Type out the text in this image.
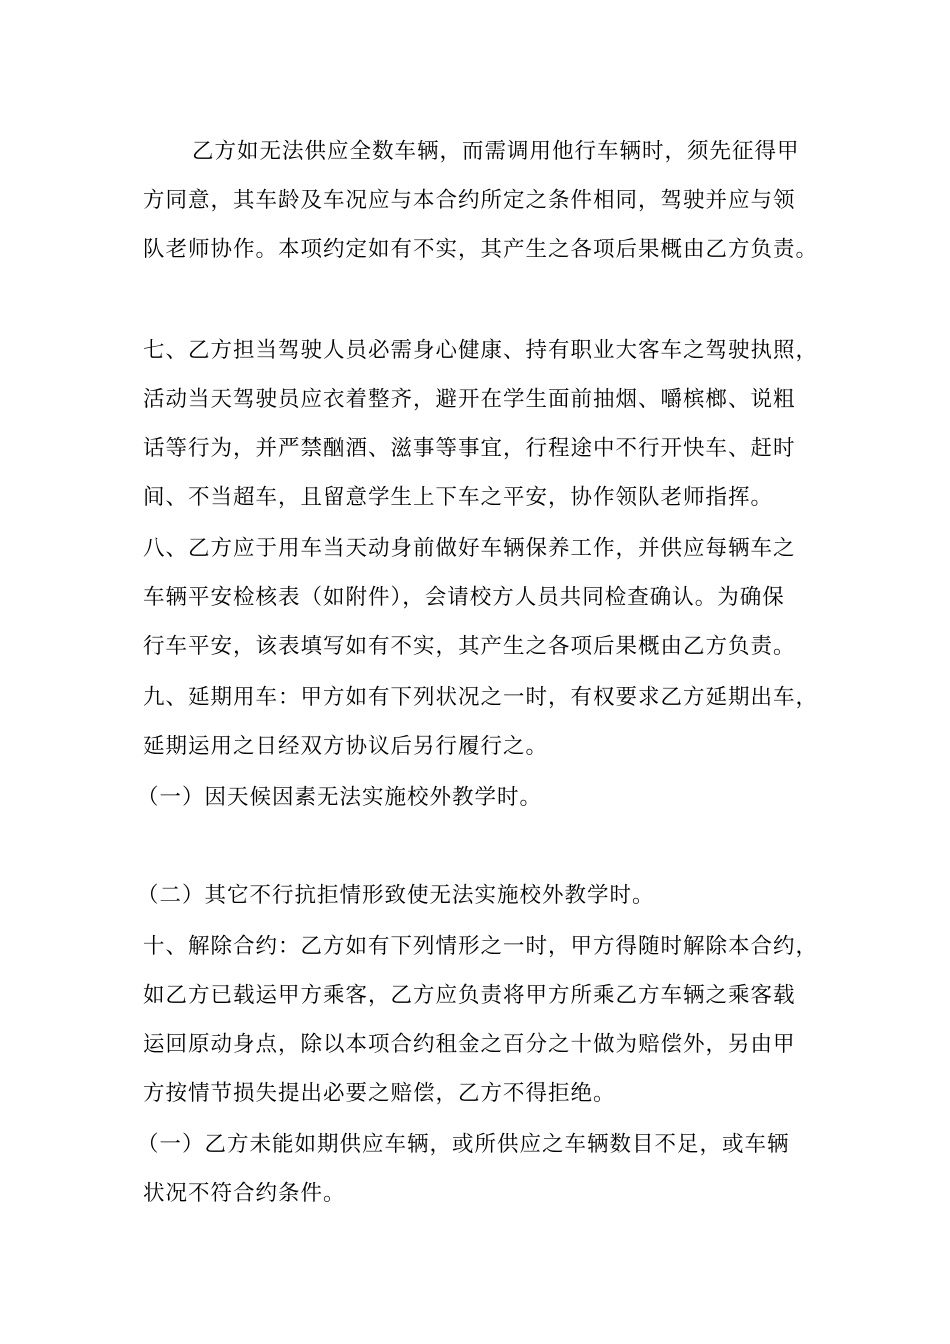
乙方如无法供应全数车辆，而需调用他行车辆时，须先征得甲
方同意，其车龄及车况应与本合约所定之条件相同，驾驶并应与领
队老师协作。本项约定如有不实，其产生之各项后果概由乙方负责。
七、乙方担当驾驶人员必需身心健康、持有职业大客车之驾驶执照，
活动当天驾驶员应衣着整齐，避开在学生面前抽烟、嚼槟榔、说粗
话等行为，并严禁酗酒、滋事等事宜，行程途中不行开快车、赶时
间、不当超车，且留意学生上下车之平安，协作领队老师指挥。
八、乙方应于用车当天动身前做好车辆保养工作，并供应每辆车之
车辆平安检核表（如附件），会请校方人员共同检查确认。为确保
行车平安，该表填写如有不实，其产生之各项后果概由乙方负责。
九、延期用车：甲方如有下列状况之一时，有权要求乙方延期出车，
延期运用之日经双方协议后另行履行之。
（一）因天候因素无法实施校外教学时。
（二）其它不行抗拒情形致使无法实施校外教学时。
十、解除合约：乙方如有下列情形之一时，甲方得随时解除本合约，
如乙方已载运甲方乘客，乙方应负责将甲方所乘乙方车辆之乘客载
运回原动身点，除以本项合约租金之百分之十做为赔偿外，另由甲
方按情节损失提出必要之赔偿，乙方不得拒绝。
（一）乙方未能如期供应车辆，或所供应之车辆数目不足，或车辆
状况不符合约条件。
